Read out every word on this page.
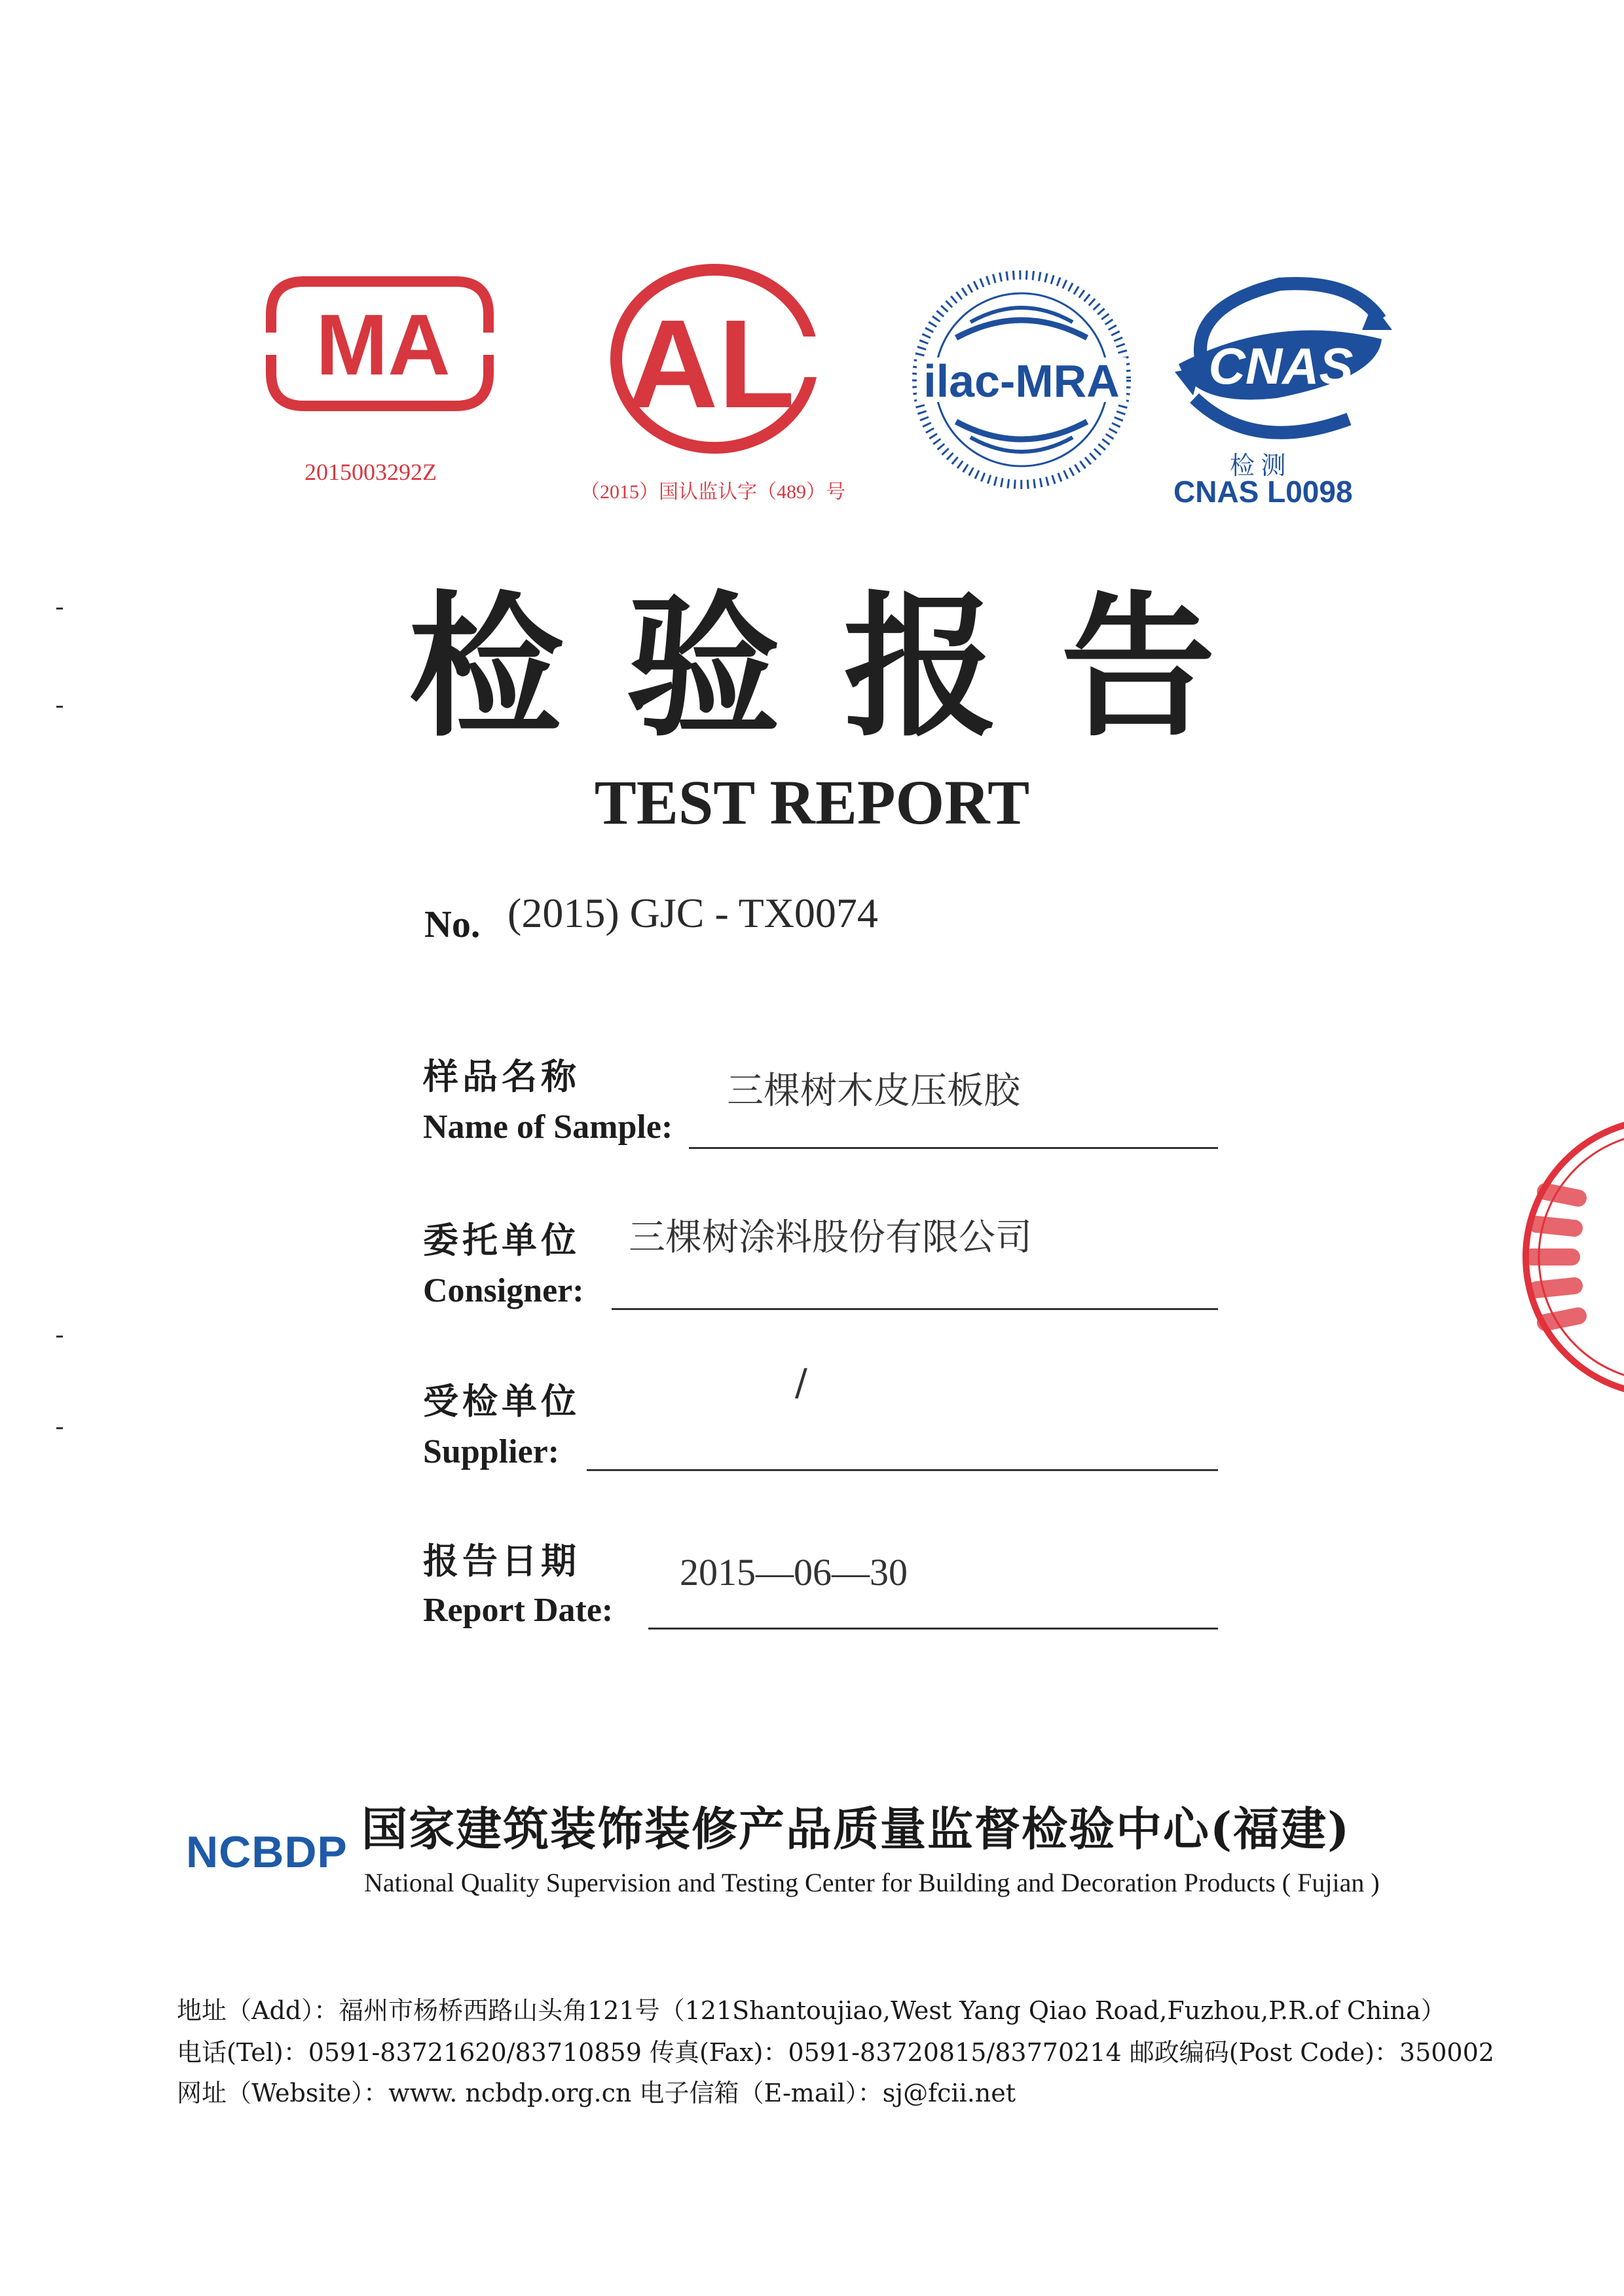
MA
2015003292Z
AL
（2015）国认监认字（489）号
ilac-MRA CNAS
检 测
CNAS L0098
检验报告
TEST REPORT
No. (2015) GJC - TX0074
样品名称
Name of Sample:
三棵树木皮压板胶
委托单位
Consigner:
三棵树涂料股份有限公司
受检单位
Supplier:
/
报告日期
Report Date:
2015—06—30
NCBDP 国家建筑装饰装修产品质量监督检验中心(福建)
National Quality Supervision and Testing Center for Building and Decoration Products ( Fujian )
地址（Add）：福州市杨桥西路山头角121号（121Shantoujiao,West Yang Qiao Road,Fuzhou,P.R.of China）
电话(Tel)：0591-83721620/83710859 传真(Fax)：0591-83720815/83770214 邮政编码(Post Code)：350002
网址（Website）：www. ncbdp.org.cn 电子信箱（E-mail）：sj@fcii.net
